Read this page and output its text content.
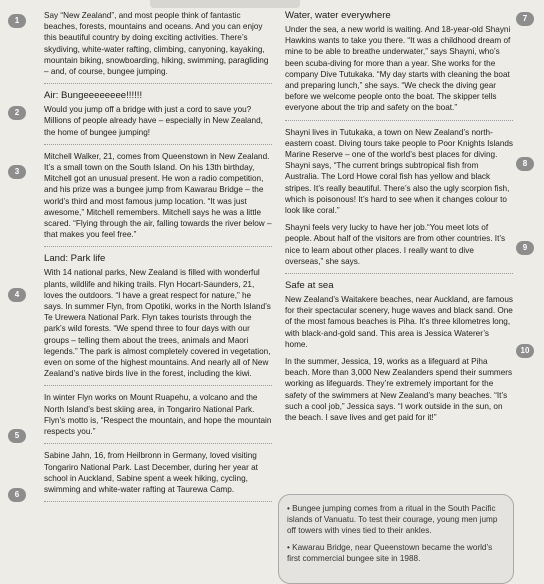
1
2
3
4
5
6
7
8
9
10

Say “New Zealand”, and most people think of fantastic beaches, forests, mountains and oceans. And you can enjoy this beautiful country by doing exciting activities. There’s skydiving, white-water rafting, climbing, canyoning, kayaking, mountain biking, snowboarding, hiking, swimming, paragliding – and, of course, bungee jumping.

Air: Bungeeeeeeee!!!!!!

Would you jump off a bridge with just a cord to save you? Millions of people already have – especially in New Zealand, the home of bungee jumping!

Mitchell Walker, 21, comes from Queenstown in New Zealand. It’s a small town on the South Island. On his 13th birthday, Mitchell got an unusual present. He won a radio competition, and his prize was a bungee jump from Kawarau Bridge – the world’s third and most famous jump location. “It was just awesome,” Mitchell remembers. Mitchell says he was a little scared. “Flying through the air, falling towards the river below – that makes you feel free.”

Land: Park life

With 14 national parks, New Zealand is filled with wonderful plants, wildlife and hiking trails. Flyn Hocart-Saunders, 21, loves the outdoors. “I have a great respect for nature,” he says. In summer Flyn, from Opotiki, works in the North Island’s Te Urewera National Park. Flyn takes tourists through the park’s wild forests. “We spend three to four days with our groups – telling them about the trees, animals and Maori legends.” The park is almost completely covered in vegetation, even on some of the highest mountains. And nearly all of New Zealand’s native birds live in the forest, including the kiwi.

In winter Flyn works on Mount Ruapehu, a volcano and the North Island’s best skiing area, in Tongariro National Park. Flyn’s motto is, “Respect the mountain, and hope the mountain respects you.”

Sabine Jahn, 16, from Heilbronn in Germany, loved visiting Tongariro National Park. Last December, during her year at school in Auckland, Sabine spent a week hiking, cycling, swimming and white-water rafting at Taurewa Camp.

Water, water everywhere

Under the sea, a new world is waiting. And 18-year-old Shayni Hawkins wants to take you there. “It was a childhood dream of mine to be able to breathe underwater,” says Shayni, who’s been scuba-diving for more than a year. She works for the company Dive Tutukaka. “My day starts with cleaning the boat and preparing lunch,” she says. “We check the diving gear before we welcome people onto the boat. The skipper tells everyone about the trip and safety on the boat.”

Shayni lives in Tutukaka, a town on New Zealand’s north-eastern coast. Diving tours take people to Poor Knights Islands Marine Reserve – one of the world’s best places for diving. Shayni says, “The current brings subtropical fish from Australia. The Lord Howe coral fish has yellow and black stripes. It’s really beautiful. There’s also the ugly scorpion fish, which is poisonous! It’s hard to see when it changes colour to look like coral.”

Shayni feels very lucky to have her job.“You meet lots of people. About half of the visitors are from other countries. It’s nice to learn about other places. I really want to dive overseas,” she says.

Safe at sea

New Zealand’s Waitakere beaches, near Auckland, are famous for their spectacular scenery, huge waves and black sand. One of the most famous beaches is Piha. It’s three kilometres long, with black-and-gold sand. This area is Jessica Waterer’s home.

In the summer, Jessica, 19, works as a lifeguard at Piha beach. More than 3,000 New Zealanders spend their summers working as lifeguards. They’re extremely important for the safety of the swimmers at New Zealand’s many beaches. “It’s such a cool job,” Jessica says. “I work outside in the sun, on the beach. I save lives and get paid for it!”

• Bungee jumping comes from a ritual in the South Pacific islands of Vanuatu. To test their courage, young men jump off towers with vines tied to their ankles.

• Kawarau Bridge, near Queenstown became the world’s first commercial bungee site in 1988.
